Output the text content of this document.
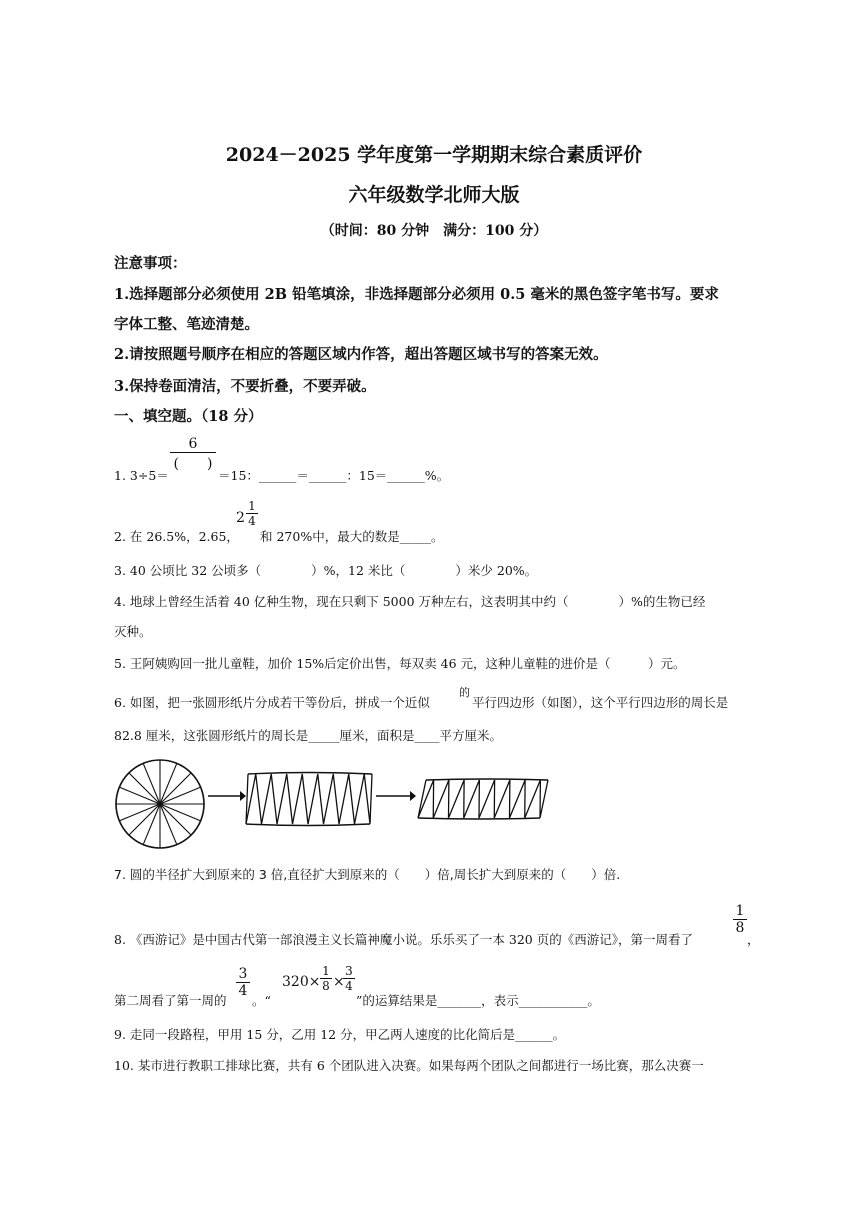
2024－2025 学年度第一学期期末综合素质评价
六年级数学北师大版
（时间：80 分钟　满分：100 分）
注意事项：
1.选择题部分必须使用 2B 铅笔填涂，非选择题部分必须用 0.5 毫米的黑色签字笔书写。要求
字体工整、笔迹清楚。
2.请按照题号顺序在相应的答题区域内作答，超出答题区域书写的答案无效。
3.保持卷面清洁，不要折叠，不要弄破。
一、填空题。（18 分）
1. 3÷5＝
6
(　　)
＝15：______＝______：15＝______%。
2. 在 26.5%，2.65，
$2 \frac{1}{4}$
和 270%中，最大的数是_____。
3. 40 公顷比 32 公顷多（　　　　）%，12 米比（　　　　）米少 20%。
4. 地球上曾经生活着 40 亿种生物，现在只剩下 5000 万种左右，这表明其中约（　　　　）%的生物已经
灭种。
5. 王阿姨购回一批儿童鞋，加价 15%后定价出售，每双卖 46 元，这种儿童鞋的进价是（　　　）元。
6. 如图，把一张圆形纸片分成若干等份后，拼成一个近似
的
平行四边形（如图），这个平行四边形的周长是
82.8 厘米，这张圆形纸片的周长是_____厘米，面积是____平方厘米。
7. 圆的半径扩大到原来的 3 倍,直径扩大到原来的（　　）倍,周长扩大到原来的（　　）倍.
8. 《西游记》是中国古代第一部浪漫主义长篇神魔小说。乐乐买了一本 320 页的《西游记》，第一周看了
$\frac{1}{8}$
，
第二周看了第一周的
$\frac{3}{4}$
。“
$320\times \frac{1}{8}$ ×
$\frac{3}{4}$
”的运算结果是_______，表示___________。
9. 走同一段路程，甲用 15 分，乙用 12 分，甲乙两人速度的比化简后是______。
10. 某市进行教职工排球比赛，共有 6 个团队进入决赛。如果每两个团队之间都进行一场比赛，那么决赛一
